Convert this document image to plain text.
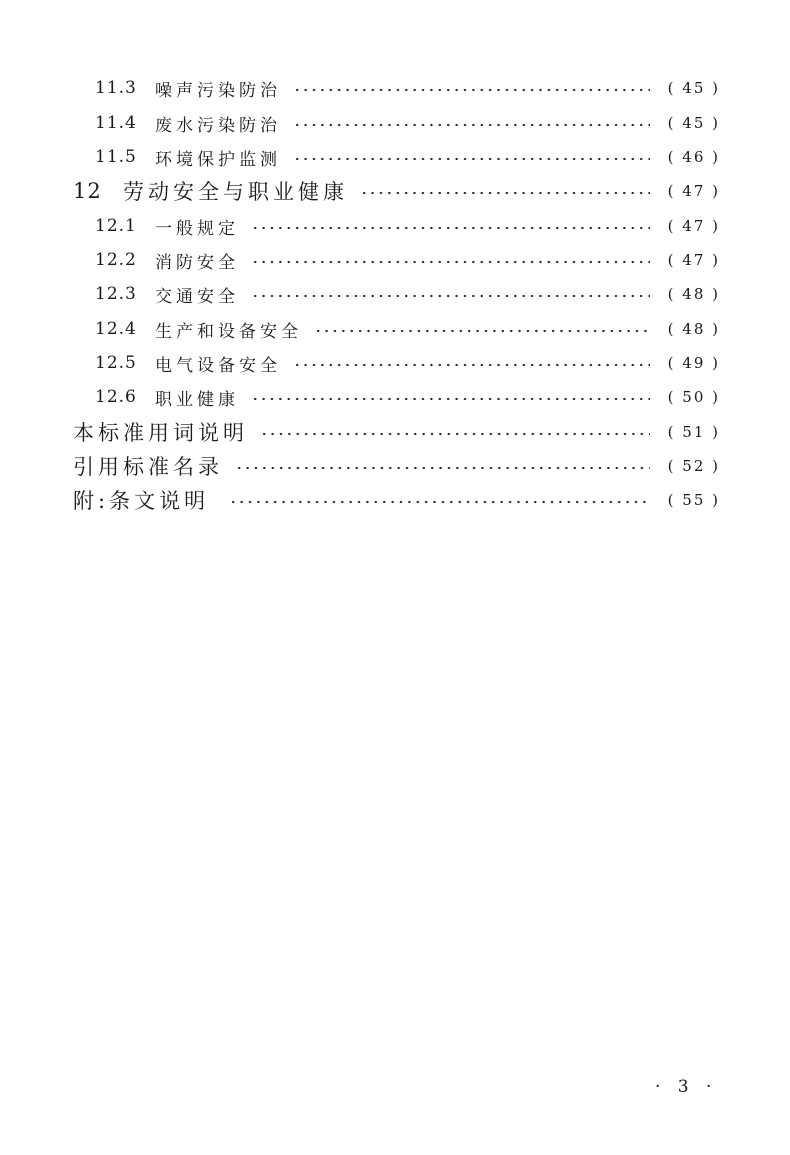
11.3	噪声污染防治	( 45 )
11.4	废水污染防治	( 45 )
11.5	环境保护监测	( 46 )
12	劳动安全与职业健康	( 47 )
12.1	一般规定	( 47 )
12.2	消防安全	( 47 )
12.3	交通安全	( 48 )
12.4	生产和设备安全	( 48 )
12.5	电气设备安全	( 49 )
12.6	职业健康	( 50 )
本标准用词说明	( 51 )
引用标准名录	( 52 )
附:条文说明	( 55 )
· 3 ·
